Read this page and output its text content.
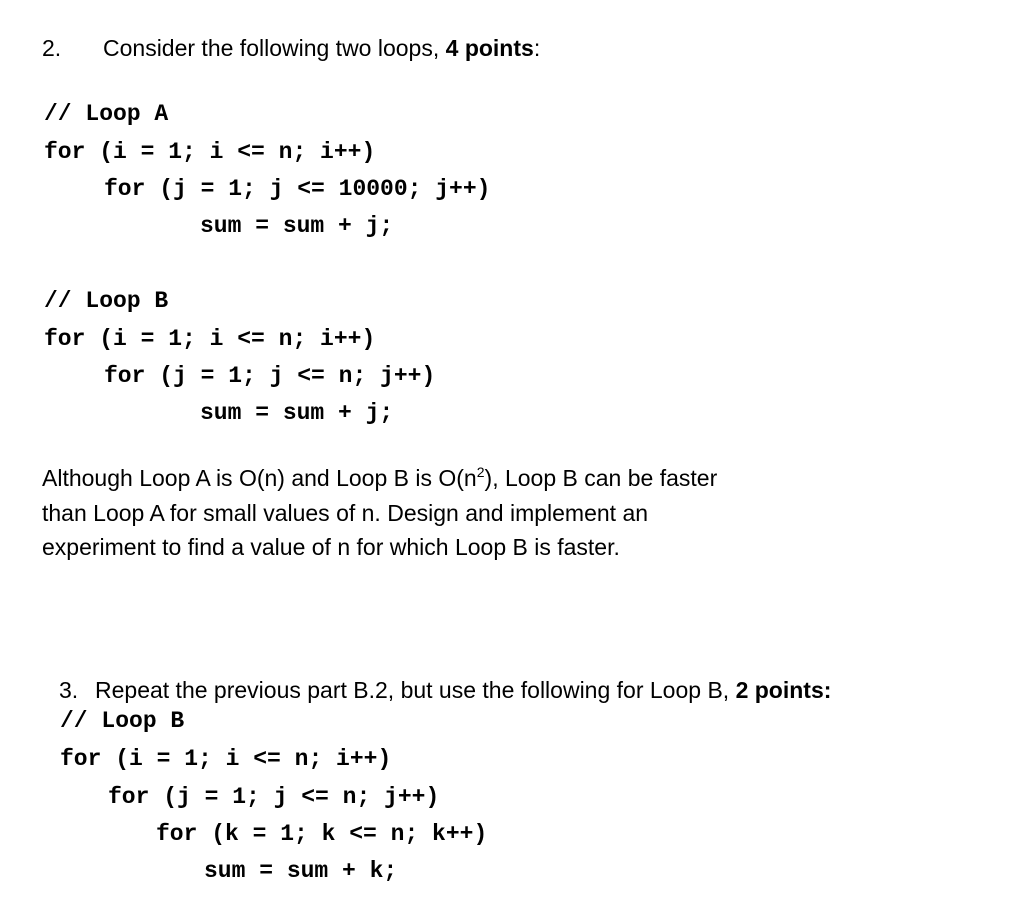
2. Consider the following two loops, 4 points:
// Loop A
for (i = 1; i <= n; i++)
for (j = 1; j <= 10000; j++)
sum = sum + j;
// Loop B
for (i = 1; i <= n; i++)
for (j = 1; j <= n; j++)
sum = sum + j;
Although Loop A is O(n) and Loop B is $O(n^2)$, Loop B can be faster than Loop A for small values of n. Design and implement an experiment to find a value of n for which Loop B is faster.
3. Repeat the previous part B.2, but use the following for Loop B, 2 points:
// Loop B
for (i = 1; i <= n; i++)
for (j = 1; j <= n; j++)
for (k = 1; k <= n; k++)
sum = sum + k;
